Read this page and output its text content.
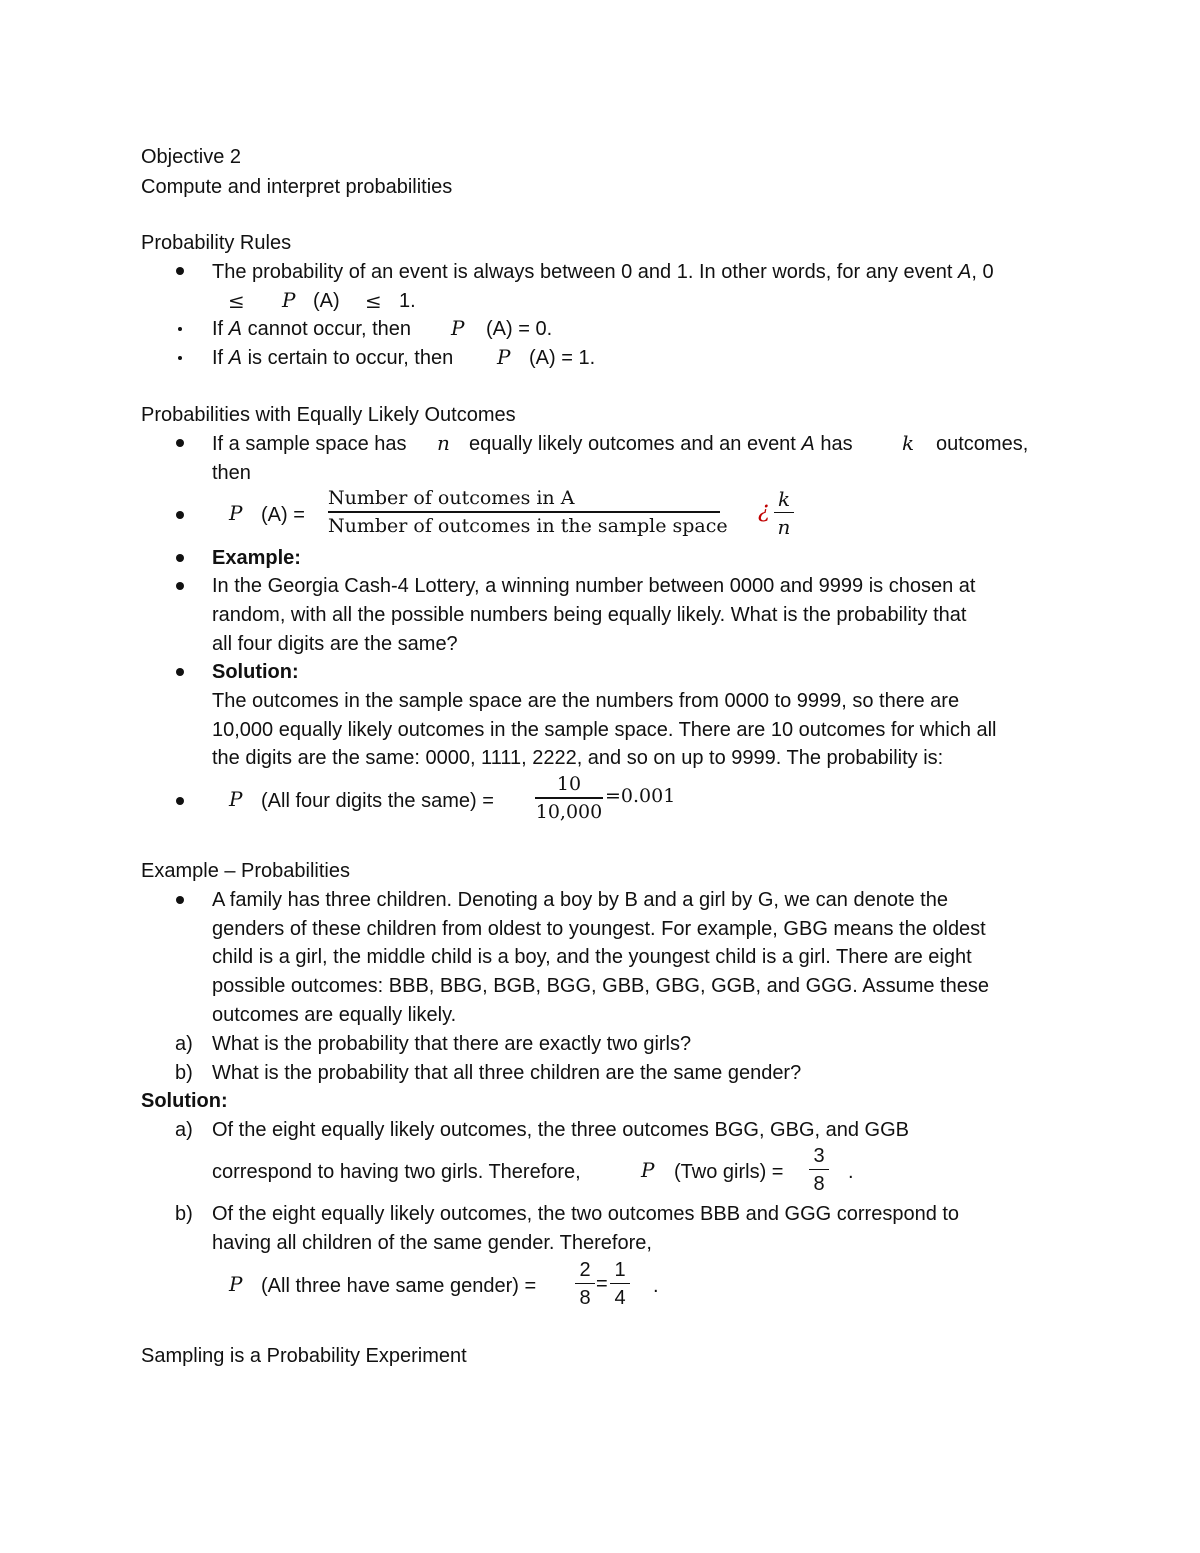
Objective 2
Compute and interpret probabilities
Probability Rules
The probability of an event is always between 0 and 1. In other words, for any event A, 0
≤ P (A) ≤ 1.
If A cannot occur, then P (A) = 0.
If A is certain to occur, then P (A) = 1.
Probabilities with Equally Likely Outcomes
If a sample space has n equally likely outcomes and an event A has k outcomes,
then
P (A) =
Number of outcomes in A
Number of outcomes in the sample space
¿ k
n
Example:
In the Georgia Cash-4 Lottery, a winning number between 0000 and 9999 is chosen at
random, with all the possible numbers being equally likely. What is the probability that
all four digits are the same?
Solution:
The outcomes in the sample space are the numbers from 0000 to 9999, so there are
10,000 equally likely outcomes in the sample space. There are 10 outcomes for which all
the digits are the same: 0000, 1111, 2222, and so on up to 9999. The probability is:
P (All four digits the same) =
10
10,000
=0.001
Example – Probabilities
A family has three children. Denoting a boy by B and a girl by G, we can denote the
genders of these children from oldest to youngest. For example, GBG means the oldest
child is a girl, the middle child is a boy, and the youngest child is a girl. There are eight
possible outcomes: BBB, BBG, BGB, BGG, GBB, GBG, GGB, and GGG. Assume these
outcomes are equally likely.
a) What is the probability that there are exactly two girls?
b) What is the probability that all three children are the same gender?
Solution:
a) Of the eight equally likely outcomes, the three outcomes BGG, GBG, and GGB
correspond to having two girls. Therefore,	P (Two girls) =
3
8
.
b) Of the eight equally likely outcomes, the two outcomes BBB and GGG correspond to
having all children of the same gender. Therefore,
P (All three have same gender) =
2
8
=
1
4
.
Sampling is a Probability Experiment
